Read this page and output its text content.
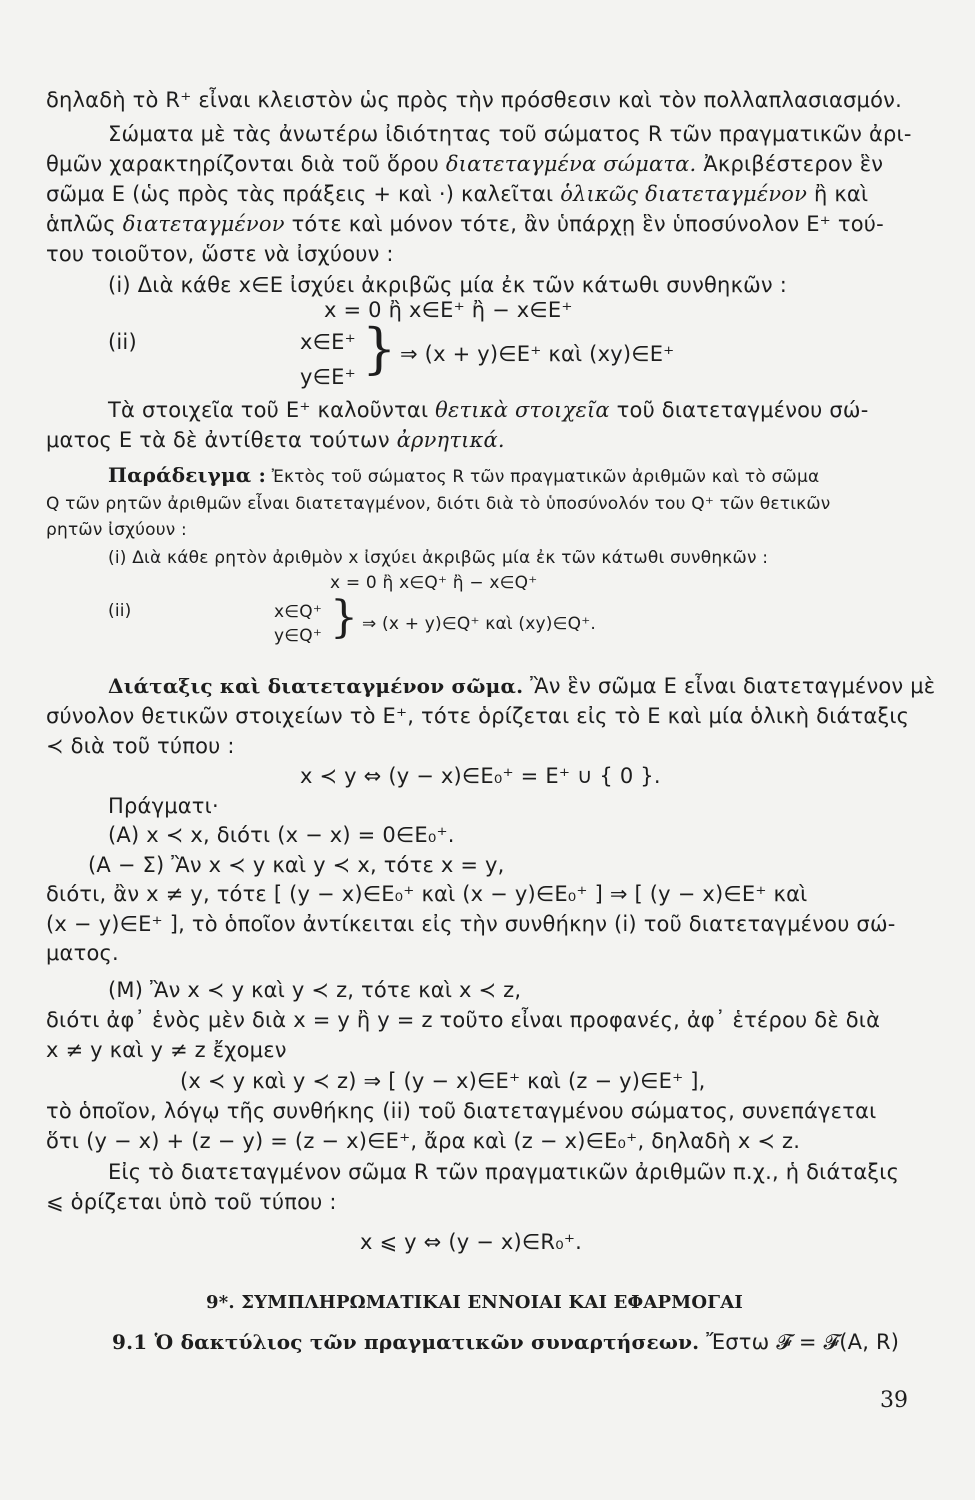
δηλαδὴ τὸ R⁺ εἶναι κλειστὸν ὡς πρὸς τὴν πρόσθεσιν καὶ τὸν πολλαπλασιασμόν.
Σώματα μὲ τὰς ἀνωτέρω ἰδιότητας τοῦ σώματος R τῶν πραγματικῶν ἀρι-
θμῶν χαρακτηρίζονται διὰ τοῦ ὅρου διατεταγμένα σώματα. Ἀκριβέστερον ἓν
σῶμα Ε (ὡς πρὸς τὰς πράξεις + καὶ ·) καλεῖται ὁλικῶς διατεταγμένον ἢ καὶ
ἁπλῶς διατεταγμένον τότε καὶ μόνον τότε, ἂν ὑπάρχῃ ἓν ὑποσύνολον Ε⁺ τού-
του τοιοῦτον, ὥστε νὰ ἰσχύουν :
(i) Διὰ κάθε x∈E ἰσχύει ἀκριβῶς μία ἐκ τῶν κάτωθι συνθηκῶν :
x = 0 ἢ x∈E⁺ ἢ − x∈E⁺
(ii)	x∈E⁺ } ⇒ (x + y)∈E⁺ καὶ (xy)∈E⁺
y∈E⁺
Τὰ στοιχεῖα τοῦ Ε⁺ καλοῦνται θετικὰ στοιχεῖα τοῦ διατεταγμένου σώ-
ματος Ε τὰ δὲ ἀντίθετα τούτων ἀρνητικά.
Παράδειγμα : Ἐκτὸς τοῦ σώματος R τῶν πραγματικῶν ἀριθμῶν καὶ τὸ σῶμα
Q τῶν ρητῶν ἀριθμῶν εἶναι διατεταγμένον, διότι διὰ τὸ ὑποσύνολόν του Q⁺ τῶν θετικῶν
ρητῶν ἰσχύουν :
(i) Διὰ κάθε ρητὸν ἀριθμὸν x ἰσχύει ἀκριβῶς μία ἐκ τῶν κάτωθι συνθηκῶν :
x = 0 ἢ x∈Q⁺ ἢ − x∈Q⁺
(ii)	x∈Q⁺ } ⇒ (x + y)∈Q⁺ καὶ (xy)∈Q⁺.
y∈Q⁺
Διάταξις καὶ διατεταγμένον σῶμα. Ἂν ἓν σῶμα Ε εἶναι διατεταγμένον μὲ
σύνολον θετικῶν στοιχείων τὸ Ε⁺, τότε ὁρίζεται εἰς τὸ Ε καὶ μία ὁλικὴ διάταξις
≺ διὰ τοῦ τύπου :
x ≺ y ⇔ (y − x)∈E₀⁺ = E⁺ ∪ { 0 }.
Πράγματι·
(A) x ≺ x, διότι (x − x) = 0∈E₀⁺.
(A − Σ) Ἂν x ≺ y καὶ y ≺ x, τότε x = y,
διότι, ἂν x ≠ y, τότε [ (y − x)∈E₀⁺ καὶ (x − y)∈E₀⁺ ] ⇒ [ (y − x)∈E⁺ καὶ
(x − y)∈E⁺ ], τὸ ὁποῖον ἀντίκειται εἰς τὴν συνθήκην (i) τοῦ διατεταγμένου σώ-
ματος.
(M) Ἂν x ≺ y καὶ y ≺ z, τότε καὶ x ≺ z,
διότι ἀφ᾽ ἑνὸς μὲν διὰ x = y ἢ y = z τοῦτο εἶναι προφανές, ἀφ᾽ ἑτέρου δὲ διὰ
x ≠ y καὶ y ≠ z ἔχομεν
(x ≺ y καὶ y ≺ z) ⇒ [ (y − x)∈E⁺ καὶ (z − y)∈E⁺ ],
τὸ ὁποῖον, λόγῳ τῆς συνθήκης (ii) τοῦ διατεταγμένου σώματος, συνεπάγεται
ὅτι (y − x) + (z − y) = (z − x)∈E⁺, ἄρα καὶ (z − x)∈E₀⁺, δηλαδὴ x ≺ z.
Εἰς τὸ διατεταγμένον σῶμα R τῶν πραγματικῶν ἀριθμῶν π.χ., ἡ διάταξις
⩽ ὁρίζεται ὑπὸ τοῦ τύπου :
x ⩽ y ⇔ (y − x)∈R₀⁺.
9*. ΣΥΜΠΛΗΡΩΜΑΤΙΚΑΙ ΕΝΝΟΙΑΙ ΚΑΙ ΕΦΑΡΜΟΓΑΙ
9.1 Ὁ δακτύλιος τῶν πραγματικῶν συναρτήσεων. Ἔστω 𝓕 = 𝓕(A, R)
39
